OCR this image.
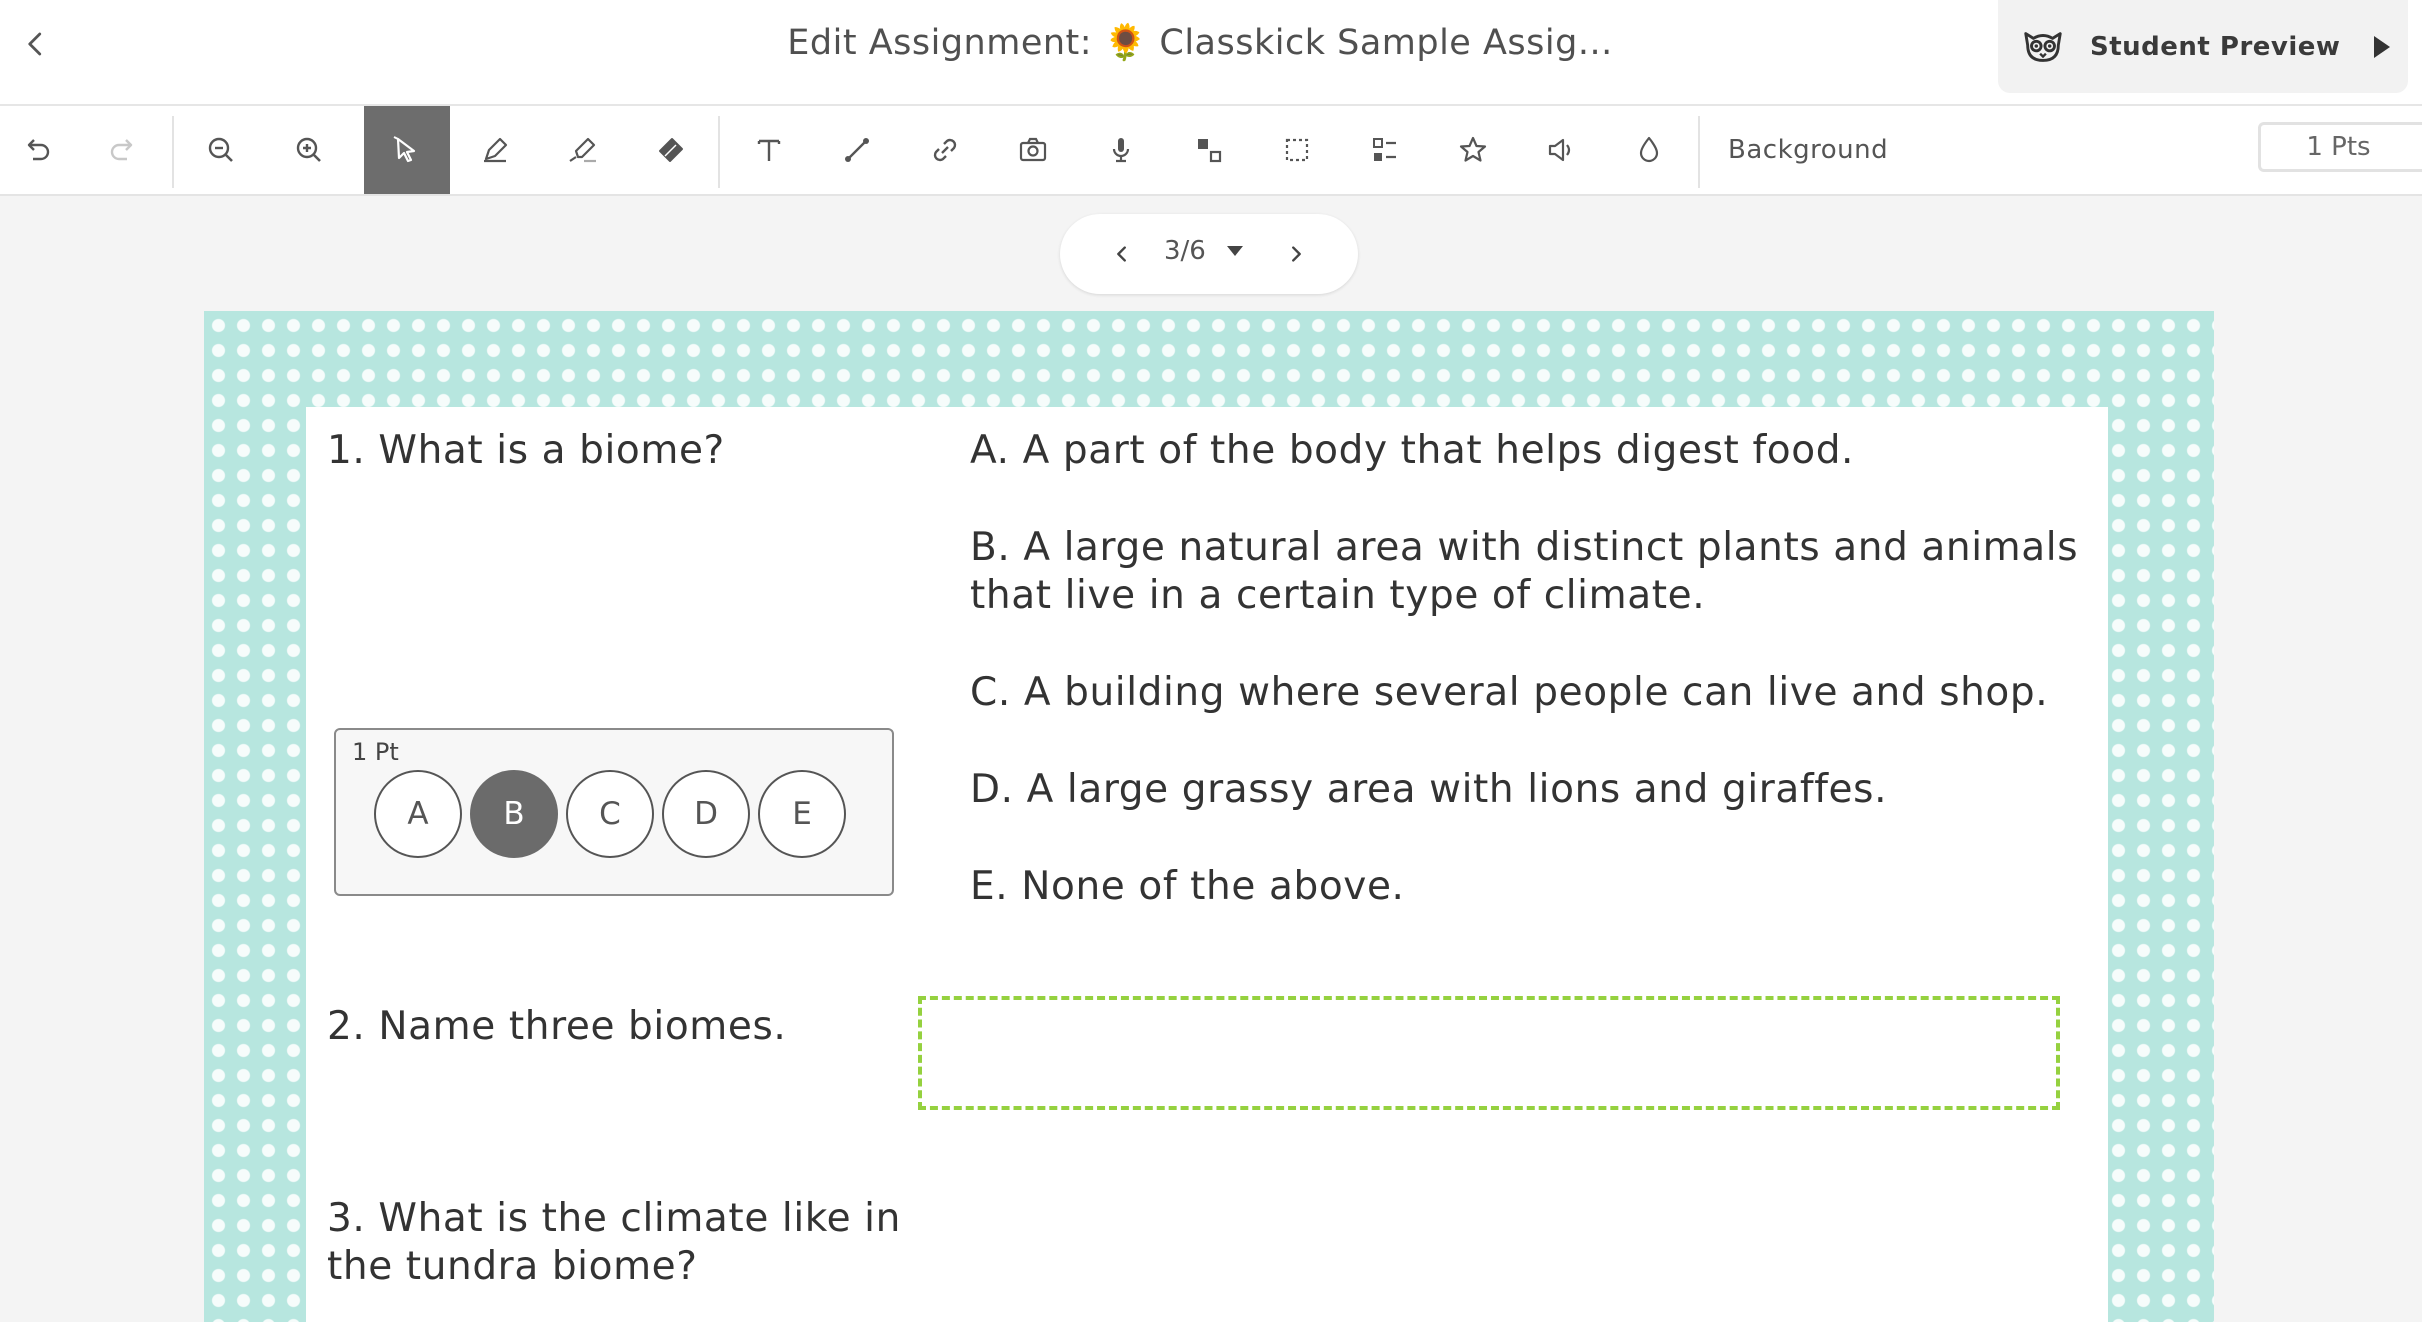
Edit Assignment: 🌻 Classkick Sample Assig...	Student Preview
Background
1 Pts
3/6
1. What is a biome?	A. A part of the body that helps digest food.
B. A large natural area with distinct plants and animals
that live in a certain type of climate.
C. A building where several people can live and shop.
D. A large grassy area with lions and giraffes.
E. None of the above.
1 Pt
A	B	C	D	E
2. Name three biomes.
3. What is the climate like in
the tundra biome?
